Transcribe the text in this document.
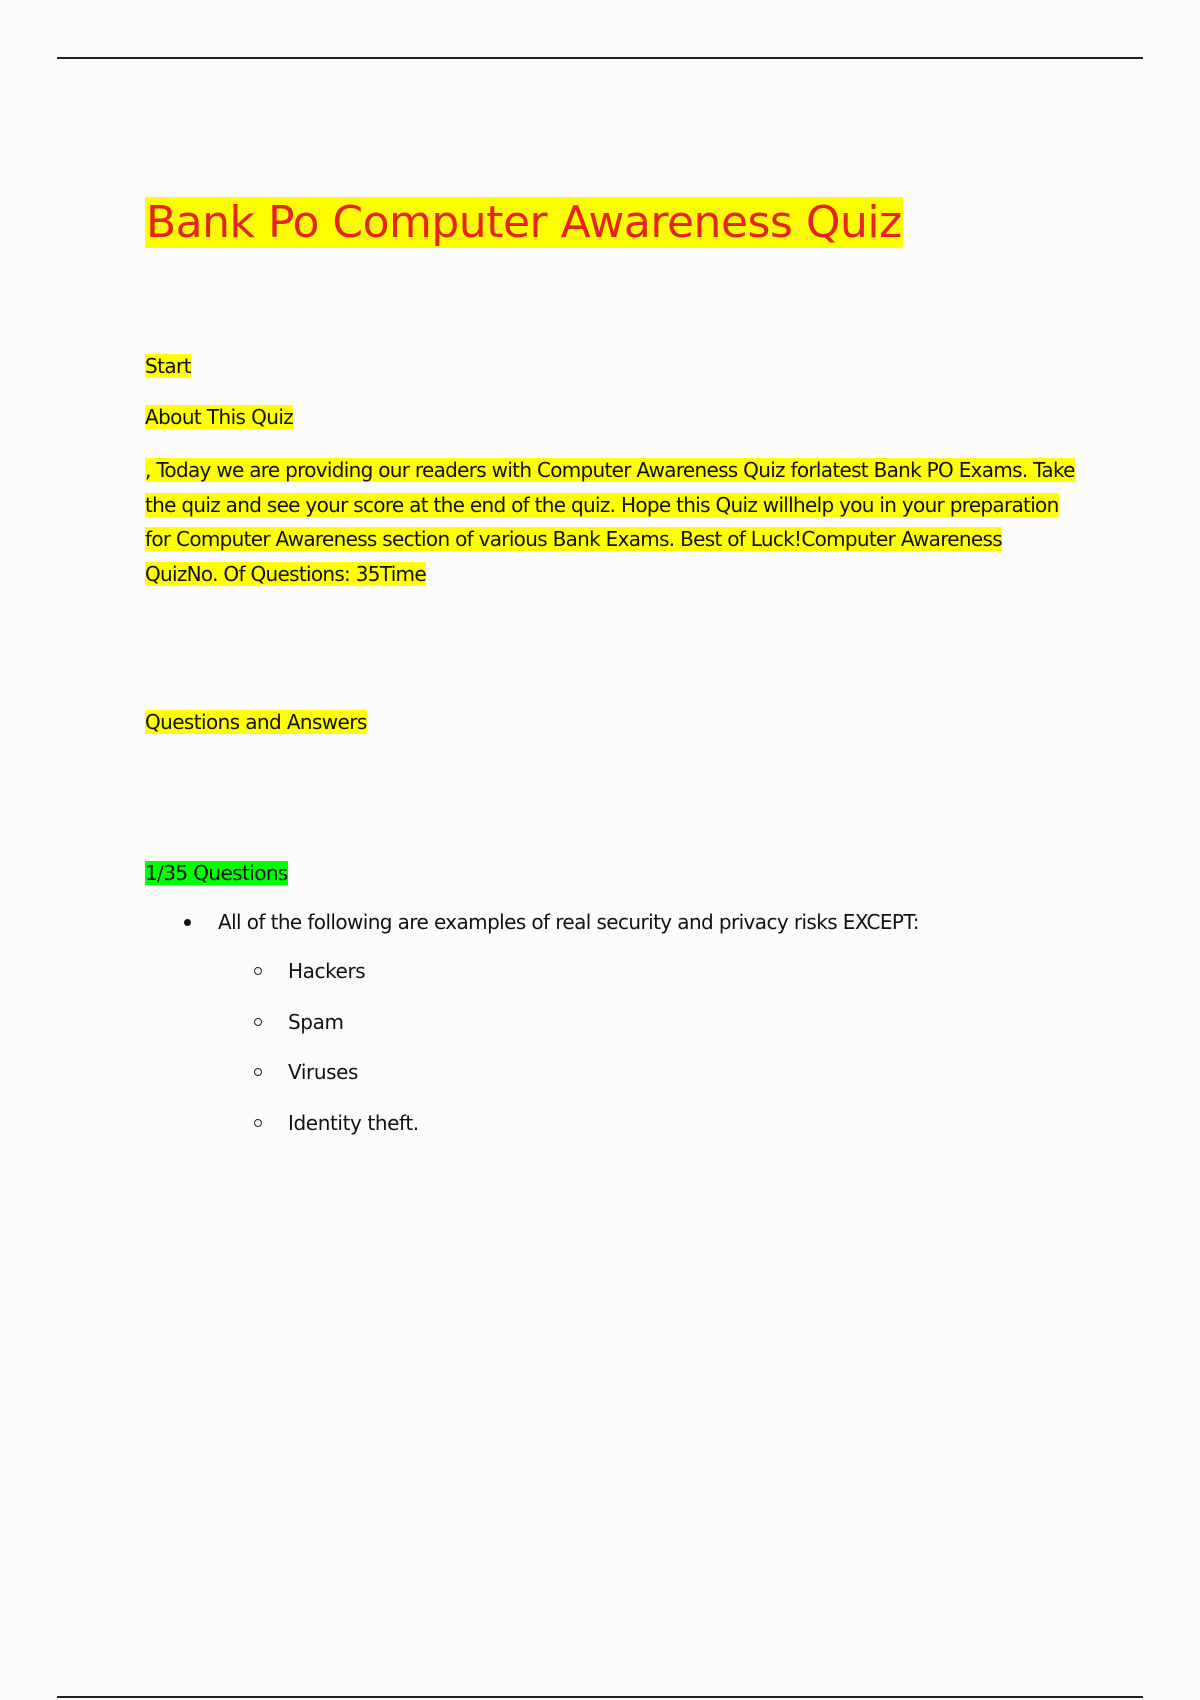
Bank Po Computer Awareness Quiz
Start
About This Quiz
, Today we are providing our readers with Computer Awareness Quiz forlatest Bank PO Exams. Take the quiz and see your score at the end of the quiz. Hope this Quiz willhelp you in your preparation for Computer Awareness section of various Bank Exams. Best of Luck!Computer Awareness QuizNo. Of Questions: 35Time
Questions and Answers
1/35 Questions
All of the following are examples of real security and privacy risks EXCEPT:
Hackers
Spam
Viruses
Identity theft.
